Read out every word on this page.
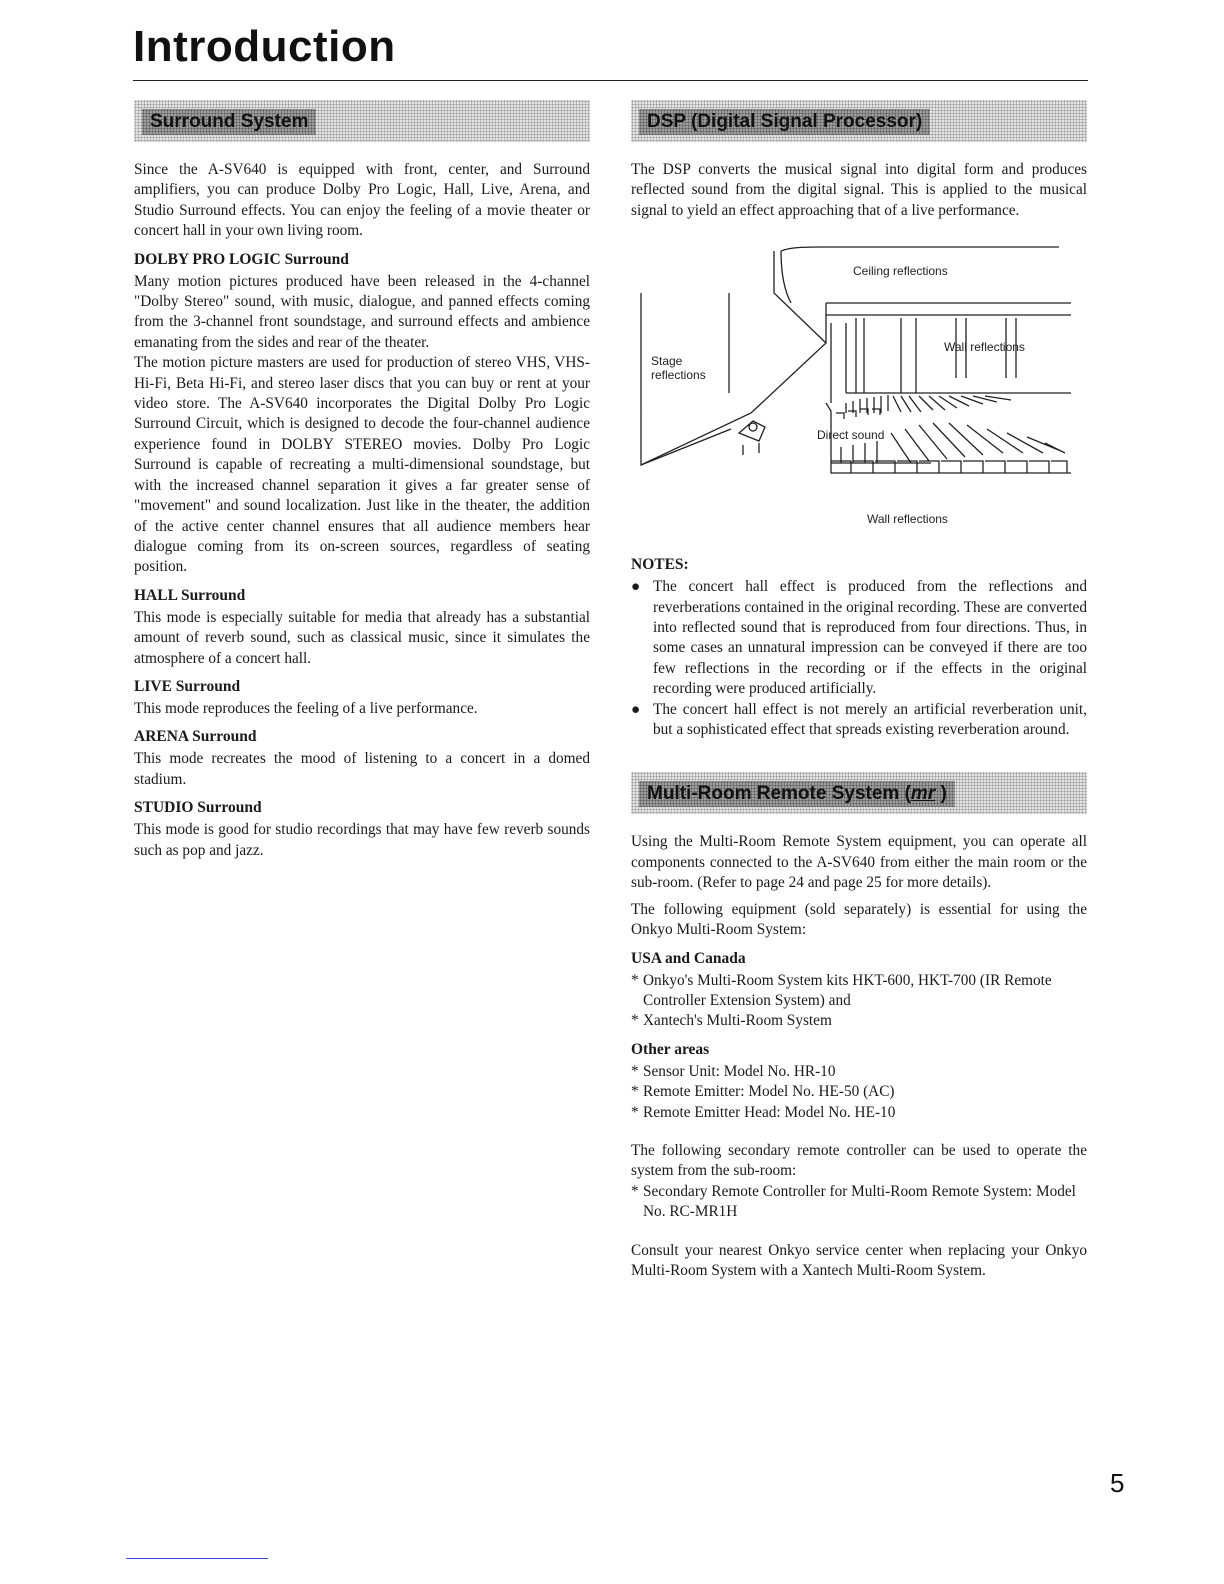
Introduction
Surround System

Since the A-SV640 is equipped with front, center, and Surround amplifiers, you can produce Dolby Pro Logic, Hall, Live, Arena, and Studio Surround effects. You can enjoy the feeling of a movie theater or concert hall in your own living room.

DOLBY PRO LOGIC Surround

Many motion pictures produced have been released in the 4-channel "Dolby Stereo" sound, with music, dialogue, and panned effects coming from the 3-channel front soundstage, and surround effects and ambience emanating from the sides and rear of the theater.

The motion picture masters are used for production of stereo VHS, VHS-Hi-Fi, Beta Hi-Fi, and stereo laser discs that you can buy or rent at your video store. The A-SV640 incorporates the Digital Dolby Pro Logic Surround Circuit, which is designed to decode the four-channel audience experience found in DOLBY STEREO movies. Dolby Pro Logic Surround is capable of recreating a multi-dimensional soundstage, but with the increased channel separation it gives a far greater sense of "movement" and sound localization. Just like in the theater, the addition of the active center channel ensures that all audience members hear dialogue coming from its on-screen sources, regardless of seating position.

HALL Surround

This mode is especially suitable for media that already has a substantial amount of reverb sound, such as classical music, since it simulates the atmosphere of a concert hall.

LIVE Surround

This mode reproduces the feeling of a live performance.

ARENA Surround

This mode recreates the mood of listening to a concert in a domed stadium.

STUDIO Surround

This mode is good for studio recordings that may have few reverb sounds such as pop and jazz.

DSP (Digital Signal Processor)

The DSP converts the musical signal into digital form and produces reflected sound from the digital signal. This is applied to the musical signal to yield an effect approaching that of a live performance.

Ceiling reflections
Wall reflections
Stage
reflections
Direct sound
Wall reflections
NOTES:
● The concert hall effect is produced from the reflections and reverberations contained in the original recording. These are converted into reflected sound that is reproduced from four directions. Thus, in some cases an unnatural impression can be conveyed if there are too few reflections in the recording or if the effects in the original recording were produced artificially.
● The concert hall effect is not merely an artificial reverberation unit, but a sophisticated effect that spreads existing reverberation around.
Multi-Room Remote System (mr )

Using the Multi-Room Remote System equipment, you can operate all components connected to the A-SV640 from either the main room or the sub-room. (Refer to page 24 and page 25 for more details).

The following equipment (sold separately) is essential for using the Onkyo Multi-Room System:

USA and Canada
* Onkyo's Multi-Room System kits HKT-600, HKT-700 (IR Remote Controller Extension System) and
* Xantech's Multi-Room System
Other areas
* Sensor Unit: Model No. HR-10
* Remote Emitter: Model No. HE-50 (AC)
* Remote Emitter Head: Model No. HE-10

The following secondary remote controller can be used to operate the system from the sub-room:

* Secondary Remote Controller for Multi-Room Remote System: Model No. RC-MR1H

Consult your nearest Onkyo service center when replacing your Onkyo Multi-Room System with a Xantech Multi-Room System.

5
